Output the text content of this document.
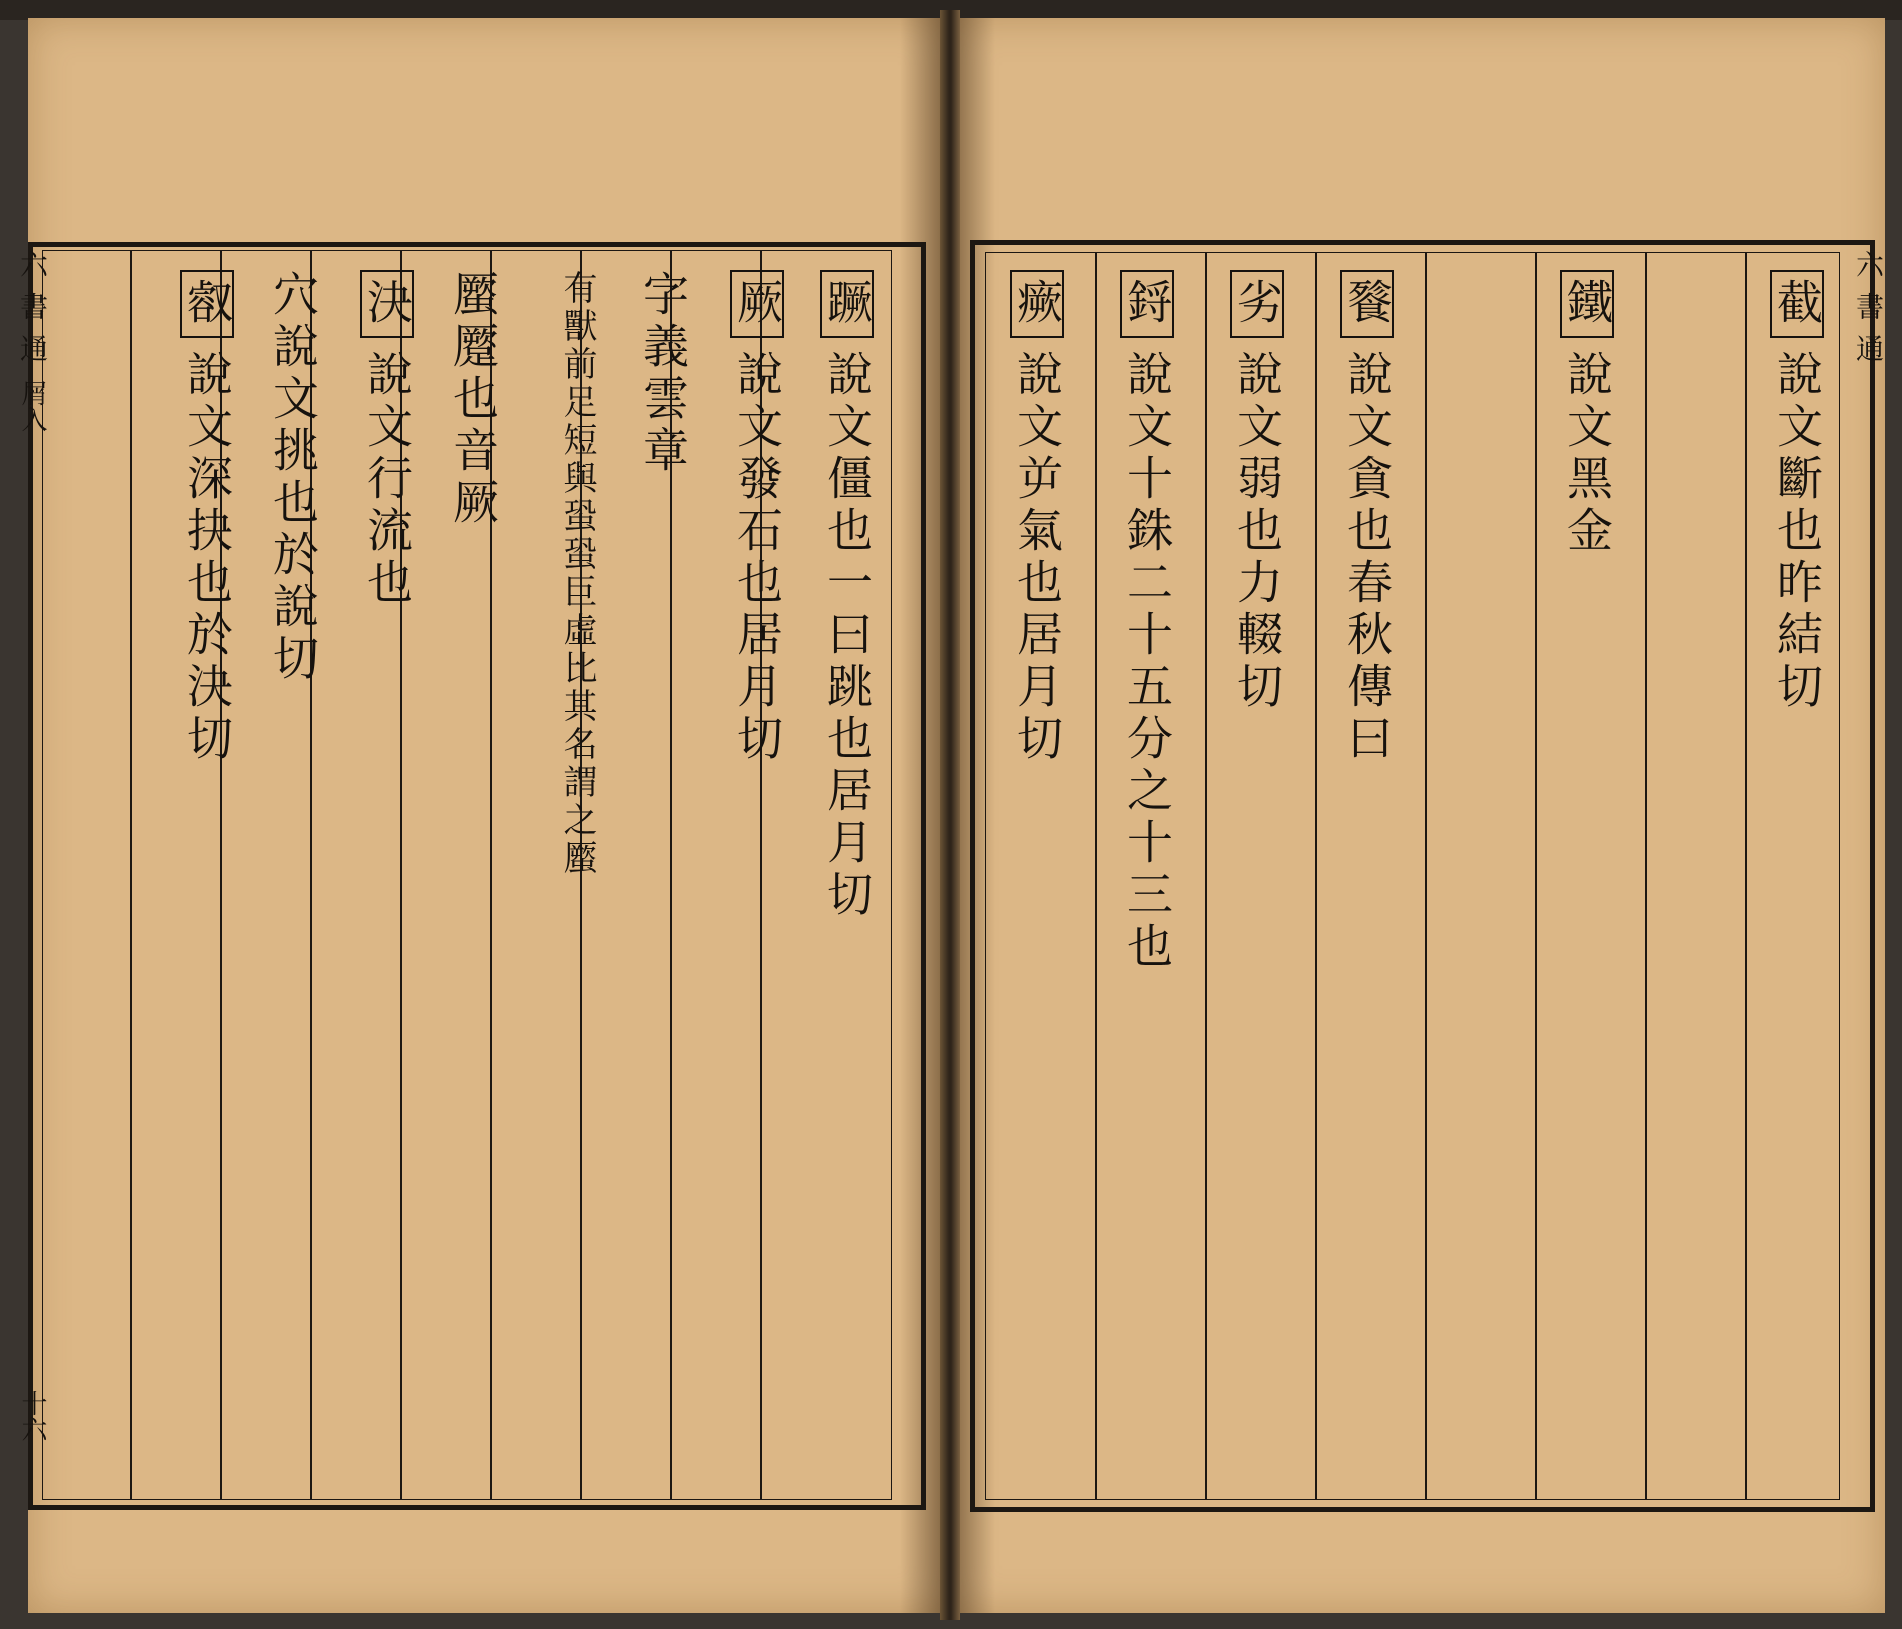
六書通
屑入
十六
蹶說文僵也一曰跳也居月切
厥說文發石也居月切
字義雲章
有獸前足短與蛩蛩巨虛比其名謂之蟨
蟨蹷也音厥
決說文行流也
穴說文挑也於說切
㕡說文深抉也於決切
六書通
截說文斷也昨結切
鐵說文黑金
餮說文貪也春秋傳曰
劣說文弱也力輟切
鋝說文十銖二十五分之十三也
瘚說文屰氣也居月切
